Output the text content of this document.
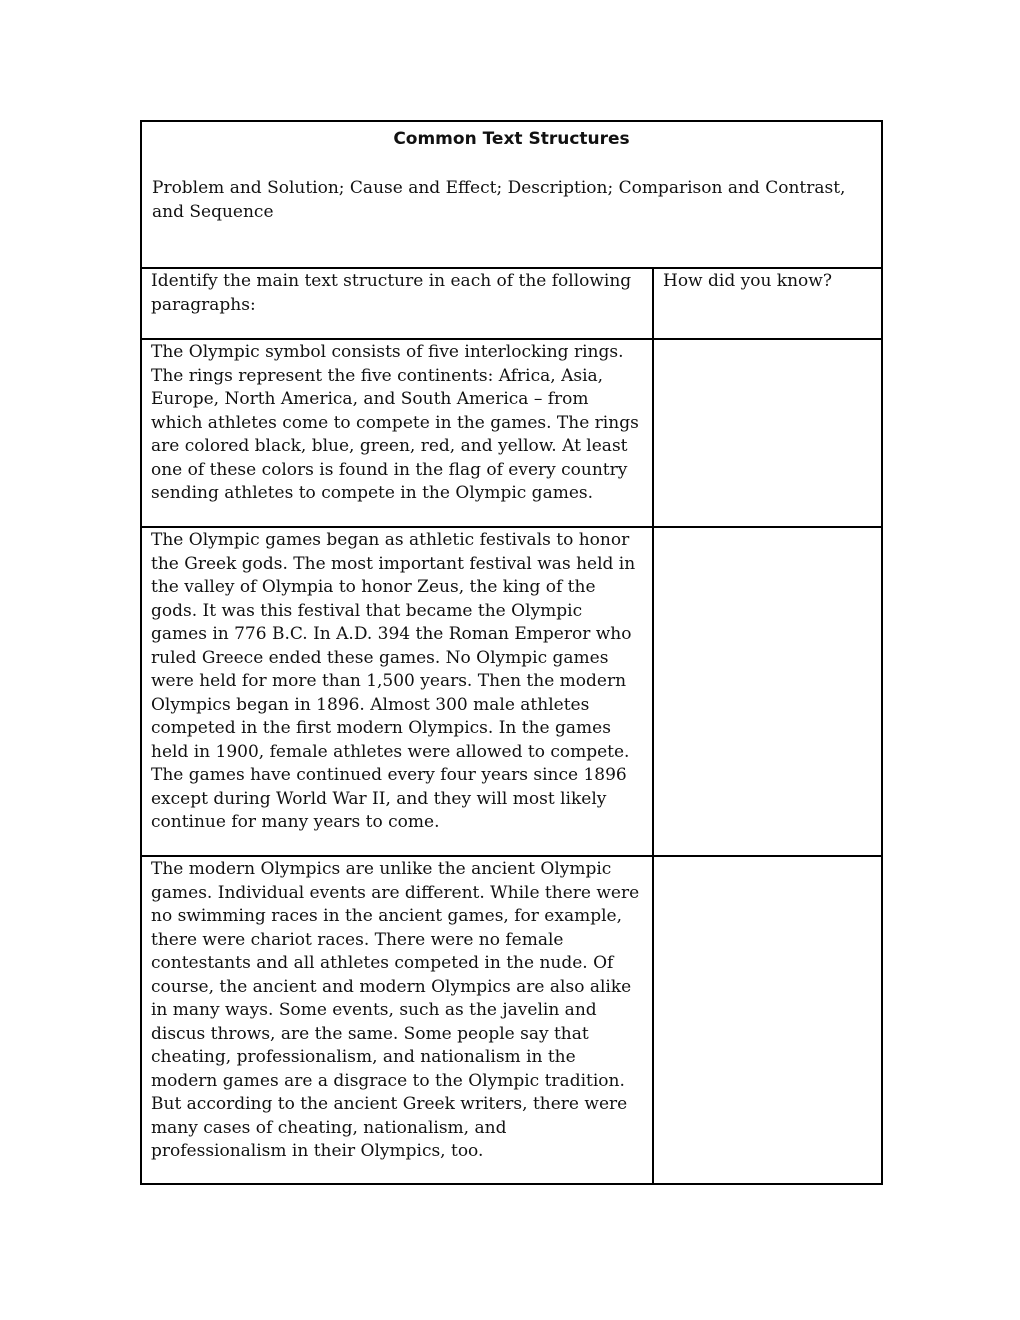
Common Text Structures
Problem and Solution; Cause and Effect; Description; Comparison and Contrast, and Sequence	

Identify the main text structure in each of the following paragraphs:	How did you know?

The Olympic symbol consists of five interlocking rings. The rings represent the five continents: Africa, Asia, Europe, North America, and South America – from which athletes come to compete in the games. The rings are colored black, blue, green, red, and yellow. At least one of these colors is found in the flag of every country sending athletes to compete in the Olympic games.	

The Olympic games began as athletic festivals to honor the Greek gods. The most important festival was held in the valley of Olympia to honor Zeus, the king of the gods. It was this festival that became the Olympic games in 776 B.C. In A.D. 394 the Roman Emperor who ruled Greece ended these games. No Olympic games were held for more than 1,500 years. Then the modern Olympics began in 1896. Almost 300 male athletes competed in the first modern Olympics. In the games held in 1900, female athletes were allowed to compete. The games have continued every four years since 1896 except during World War II, and they will most likely continue for many years to come.	

The modern Olympics are unlike the ancient Olympic games. Individual events are different. While there were no swimming races in the ancient games, for example, there were chariot races. There were no female contestants and all athletes competed in the nude. Of course, the ancient and modern Olympics are also alike in many ways. Some events, such as the javelin and discus throws, are the same. Some people say that cheating, professionalism, and nationalism in the modern games are a disgrace to the Olympic tradition. But according to the ancient Greek writers, there were many cases of cheating, nationalism, and professionalism in their Olympics, too.	
